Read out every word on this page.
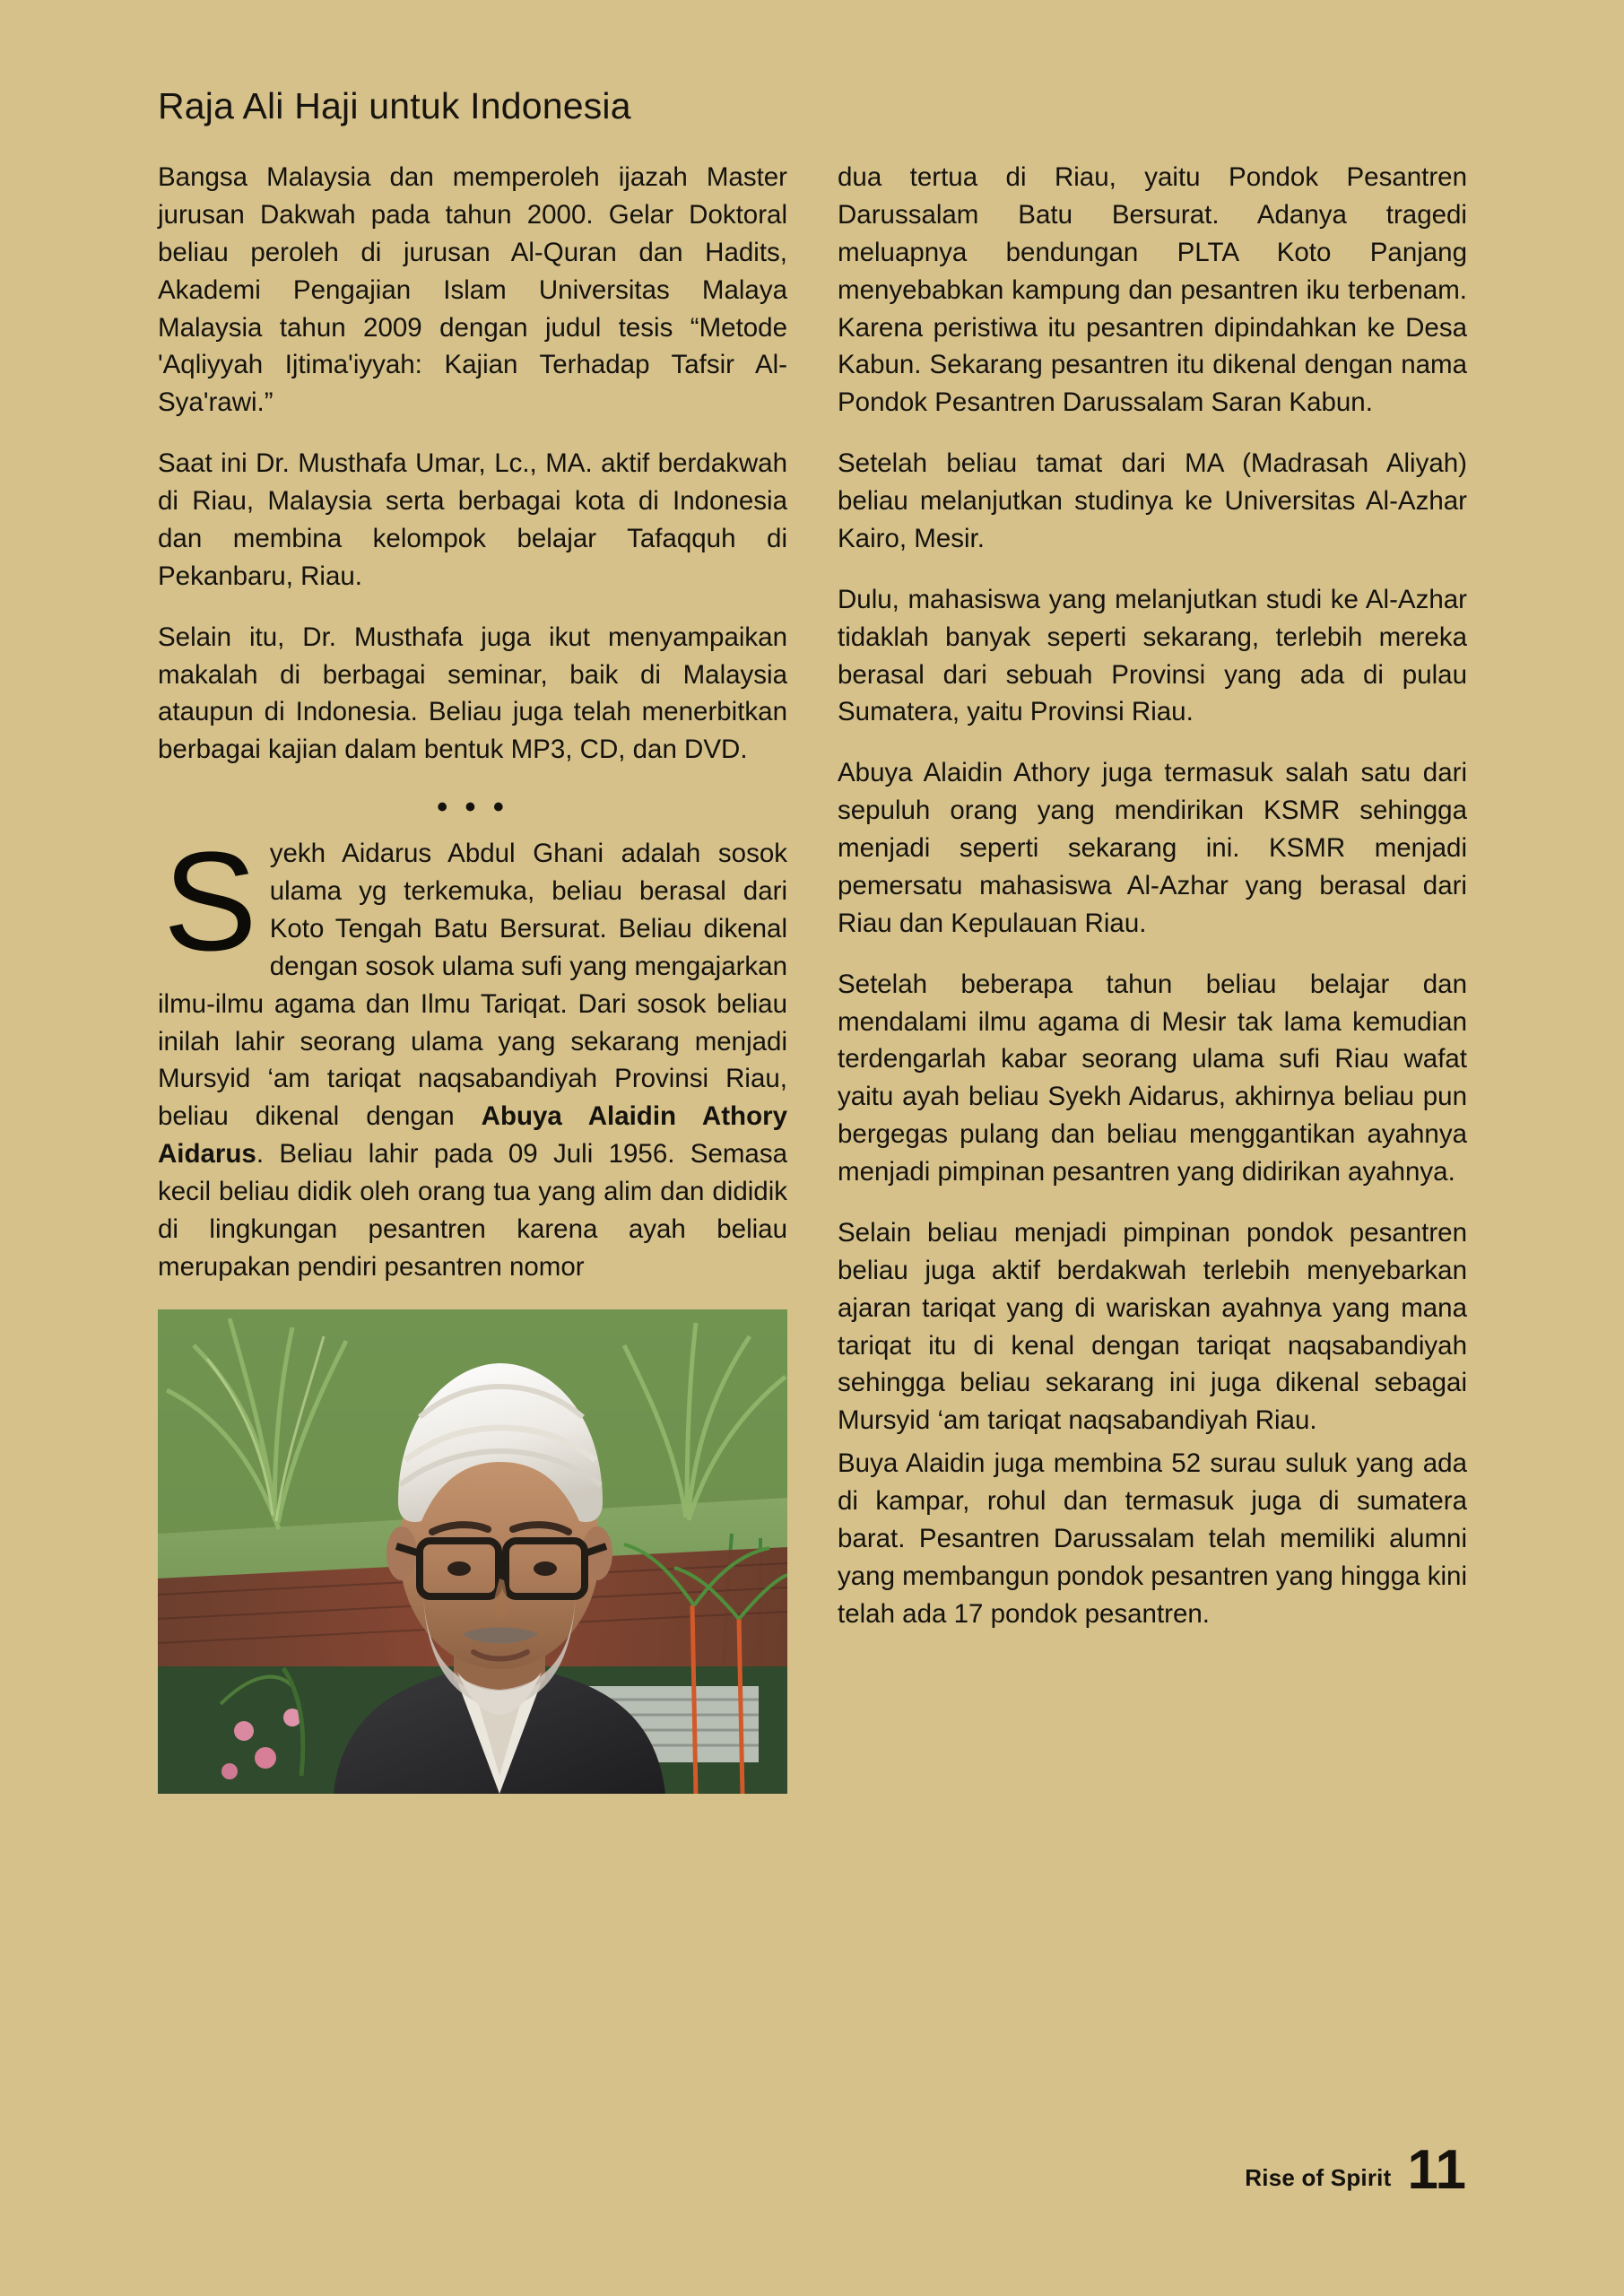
Raja Ali Haji untuk Indonesia

Bangsa Malaysia dan memperoleh ijazah Master jurusan Dakwah pada tahun 2000. Gelar Doktoral beliau peroleh di jurusan Al-Quran dan Hadits, Akademi Pengajian Islam Universitas Malaya Malaysia tahun 2009 dengan judul tesis “Metode 'Aqliyyah Ijtima'iyyah: Kajian Terhadap Tafsir Al-Sya'rawi.”

Saat ini Dr. Musthafa Umar, Lc., MA. aktif berdakwah di Riau, Malaysia serta berbagai kota di Indonesia dan membina kelompok belajar Tafaqquh di Pekanbaru, Riau.

Selain itu, Dr. Musthafa juga ikut menyampaikan makalah di berbagai seminar, baik di Malaysia ataupun di Indonesia. Beliau juga telah menerbitkan berbagai kajian dalam bentuk MP3, CD, dan DVD.

• • •

Syekh Aidarus Abdul Ghani adalah sosok ulama yg terkemuka, beliau berasal dari Koto Tengah Batu Bersurat. Beliau dikenal dengan sosok ulama sufi yang mengajarkan ilmu-ilmu agama dan Ilmu Tariqat. Dari sosok beliau inilah lahir seorang ulama yang sekarang menjadi Mursyid ‘am tariqat naqsabandiyah Provinsi Riau, beliau dikenal dengan Abuya Alaidin Athory Aidarus. Beliau lahir pada 09 Juli 1956. Semasa kecil beliau didik oleh orang tua yang alim dan dididik di lingkungan pesantren karena ayah beliau merupakan pendiri pesantren nomor

dua tertua di Riau, yaitu Pondok Pesantren Darussalam Batu Bersurat. Adanya tragedi meluapnya bendungan PLTA Koto Panjang menyebabkan kampung dan pesantren iku terbenam. Karena peristiwa itu pesantren dipindahkan ke Desa Kabun. Sekarang pesantren itu dikenal dengan nama Pondok Pesantren Darussalam Saran Kabun.

Setelah beliau tamat dari MA (Madrasah Aliyah) beliau melanjutkan studinya ke Universitas Al-Azhar Kairo, Mesir.

Dulu, mahasiswa yang melanjutkan studi ke Al-Azhar tidaklah banyak seperti sekarang, terlebih mereka berasal dari sebuah Provinsi yang ada di pulau Sumatera, yaitu Provinsi Riau.

Abuya Alaidin Athory juga termasuk salah satu dari sepuluh orang yang mendirikan KSMR sehingga menjadi seperti sekarang ini. KSMR menjadi pemersatu mahasiswa Al-Azhar yang berasal dari Riau dan Kepulauan Riau.

Setelah beberapa tahun beliau belajar dan mendalami ilmu agama di Mesir tak lama kemudian terdengarlah kabar seorang ulama sufi Riau wafat yaitu ayah beliau Syekh Aidarus, akhirnya beliau pun bergegas pulang dan beliau menggantikan ayahnya menjadi pimpinan pesantren yang didirikan ayahnya.

Selain beliau menjadi pimpinan pondok pesantren beliau juga aktif berdakwah terlebih menyebarkan ajaran tariqat yang di wariskan ayahnya yang mana tariqat itu di kenal dengan tariqat naqsabandiyah sehingga beliau sekarang ini juga dikenal sebagai Mursyid ‘am tariqat naqsabandiyah Riau.

Buya Alaidin juga membina 52 surau suluk yang ada di kampar, rohul dan termasuk juga di sumatera barat. Pesantren Darussalam telah memiliki alumni yang membangun pondok pesantren yang hingga kini telah ada 17 pondok pesantren.

Rise of Spirit 11
